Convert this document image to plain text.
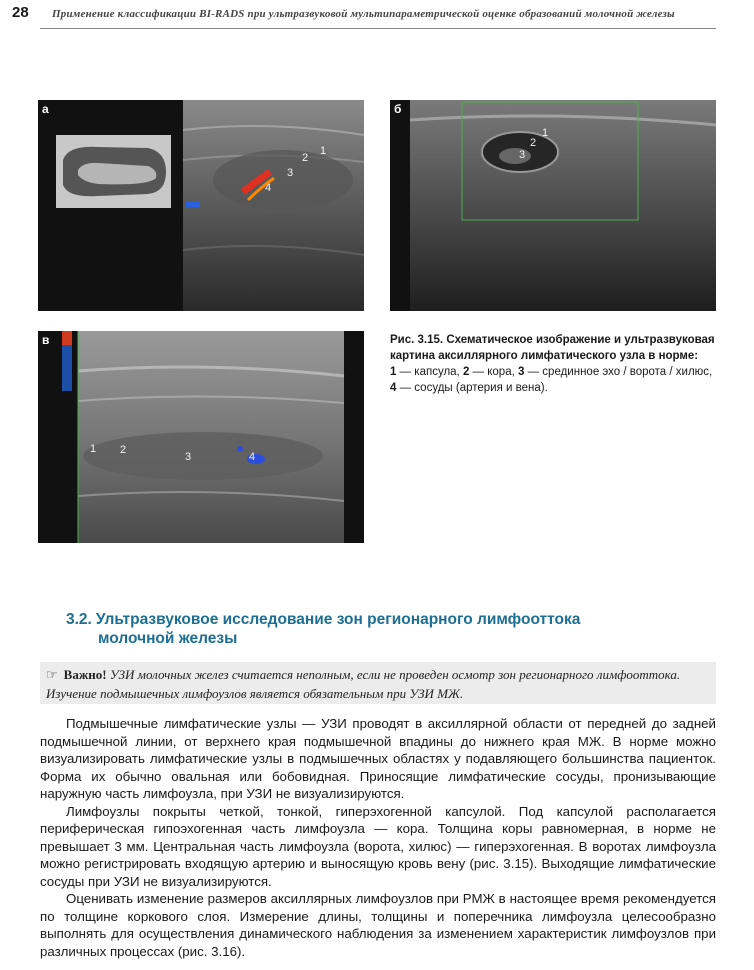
28 Применение классификации BI-RADS при ультразвуковой мультипараметрической оценке образований молочной железы
а
1
2
3
4
б
1
2
3
в
1 2
3	4
Рис. 3.15. Схематическое изображение и ультразвуковая картина аксиллярного лимфатического узла в норме:
1 — капсула, 2 — кора, 3 — срединное эхо / ворота / хилюс, 4 — сосуды (артерия и вена).
3.2. Ультразвуковое исследование зон регионарного лимфооттока
молочной железы
☞ Важно! УЗИ молочных желез считается неполным, если не проведен осмотр зон регионарного лимфооттока. Изучение подмышечных лимфоузлов является обязательным при УЗИ МЖ.

Подмышечные лимфатические узлы — УЗИ проводят в аксиллярной области от передней до задней подмышечной линии, от верхнего края подмышечной впадины до нижнего края МЖ. В норме можно визуализировать лимфатические узлы в подмышечных областях у подавляющего большинства пациенток. Форма их обычно овальная или бобовидная. Приносящие лимфатические сосуды, пронизывающие наружную часть лимфоузла, при УЗИ не визуализируются.

Лимфоузлы покрыты четкой, тонкой, гиперэхогенной капсулой. Под капсулой располагается периферическая гипоэхогенная часть лимфоузла — кора. Толщина коры равномерная, в норме не превышает 3 мм. Центральная часть лимфоузла (ворота, хилюс) — гиперэхогенная. В воротах лимфоузла можно регистрировать входящую артерию и выносящую кровь вену (рис. 3.15). Выходящие лимфатические сосуды при УЗИ не визуализируются.

Оценивать изменение размеров аксиллярных лимфоузлов при РМЖ в настоящее время рекомендуется по толщине коркового слоя. Измерение длины, толщины и поперечника лимфоузла целесообразно выполнять для осуществления динамического наблюдения за изменением характеристик лимфоузлов при различных процессах (рис. 3.16).
